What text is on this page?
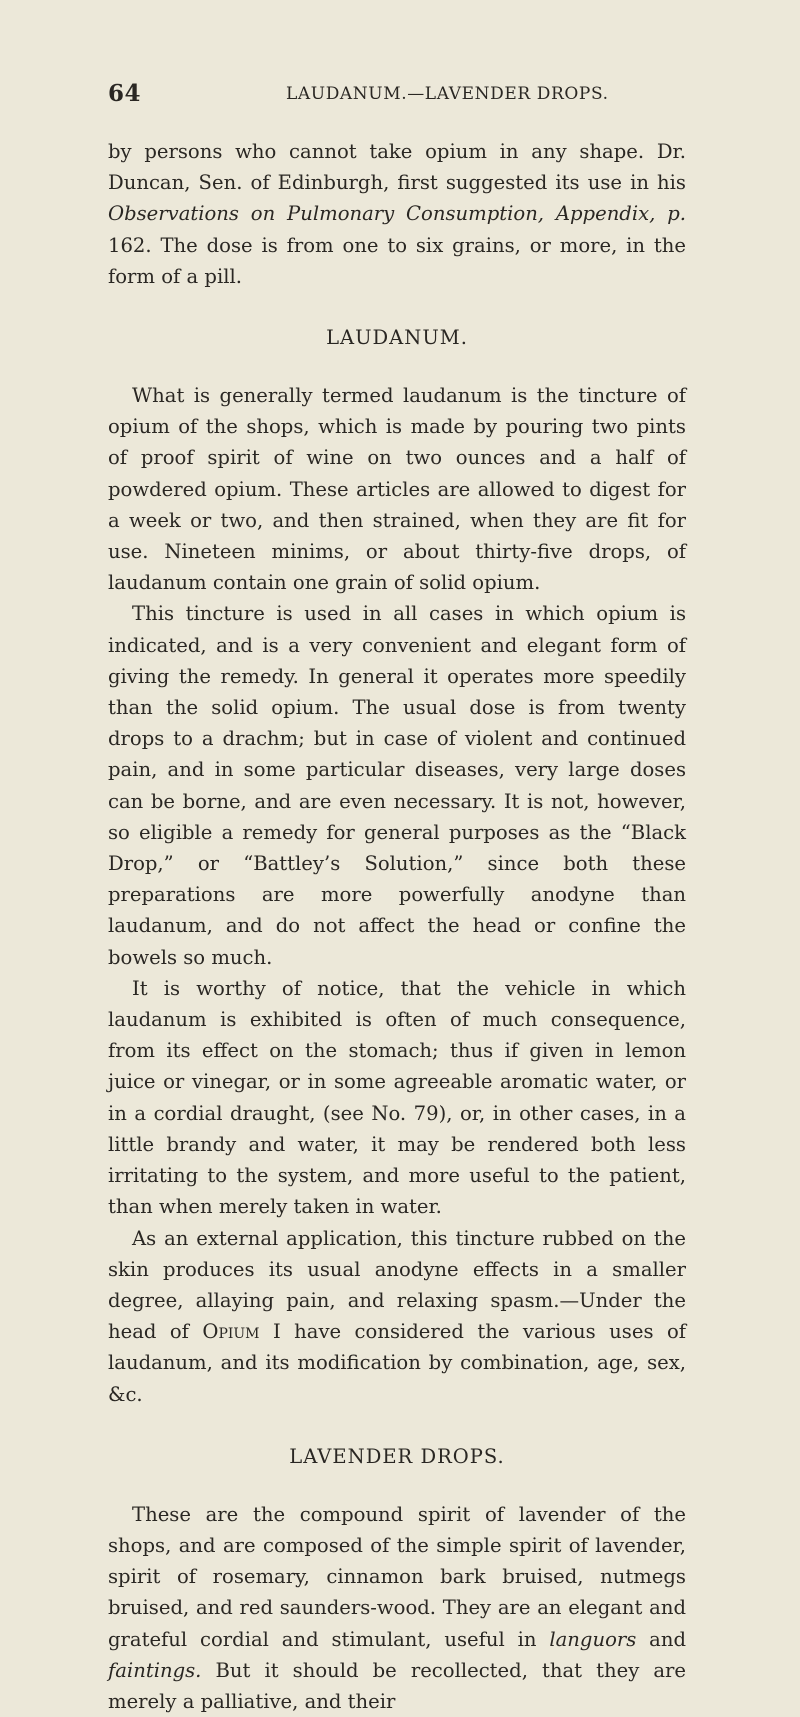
64	LAUDANUM.—LAVENDER DROPS.

by persons who cannot take opium in any shape. Dr. Duncan, Sen. of Edinburgh, first suggested its use in his Observations on Pulmonary Consumption, Appendix, p. 162. The dose is from one to six grains, or more, in the form of a pill.

LAUDANUM.

What is generally termed laudanum is the tincture of opium of the shops, which is made by pouring two pints of proof spirit of wine on two ounces and a half of powdered opium. These articles are allowed to digest for a week or two, and then strained, when they are fit for use. Nineteen minims, or about thirty-five drops, of laudanum contain one grain of solid opium.

This tincture is used in all cases in which opium is indicated, and is a very convenient and elegant form of giving the remedy. In general it operates more speedily than the solid opium. The usual dose is from twenty drops to a drachm; but in case of violent and continued pain, and in some particular diseases, very large doses can be borne, and are even necessary. It is not, however, so eligible a remedy for general purposes as the “Black Drop,” or “Battley’s Solution,” since both these preparations are more powerfully anodyne than laudanum, and do not affect the head or confine the bowels so much.

It is worthy of notice, that the vehicle in which laudanum is exhibited is often of much consequence, from its effect on the stomach; thus if given in lemon juice or vinegar, or in some agreeable aromatic water, or in a cordial draught, (see No. 79), or, in other cases, in a little brandy and water, it may be rendered both less irritating to the system, and more useful to the patient, than when merely taken in water.

As an external application, this tincture rubbed on the skin produces its usual anodyne effects in a smaller degree, allaying pain, and relaxing spasm.—Under the head of Opium I have considered the various uses of laudanum, and its modification by combination, age, sex, &c.

LAVENDER DROPS.

These are the compound spirit of lavender of the shops, and are composed of the simple spirit of lavender, spirit of rosemary, cinnamon bark bruised, nutmegs bruised, and red saunders-wood. They are an elegant and grateful cordial and stimulant, useful in languors and faintings. But it should be recollected, that they are merely a palliative, and their
